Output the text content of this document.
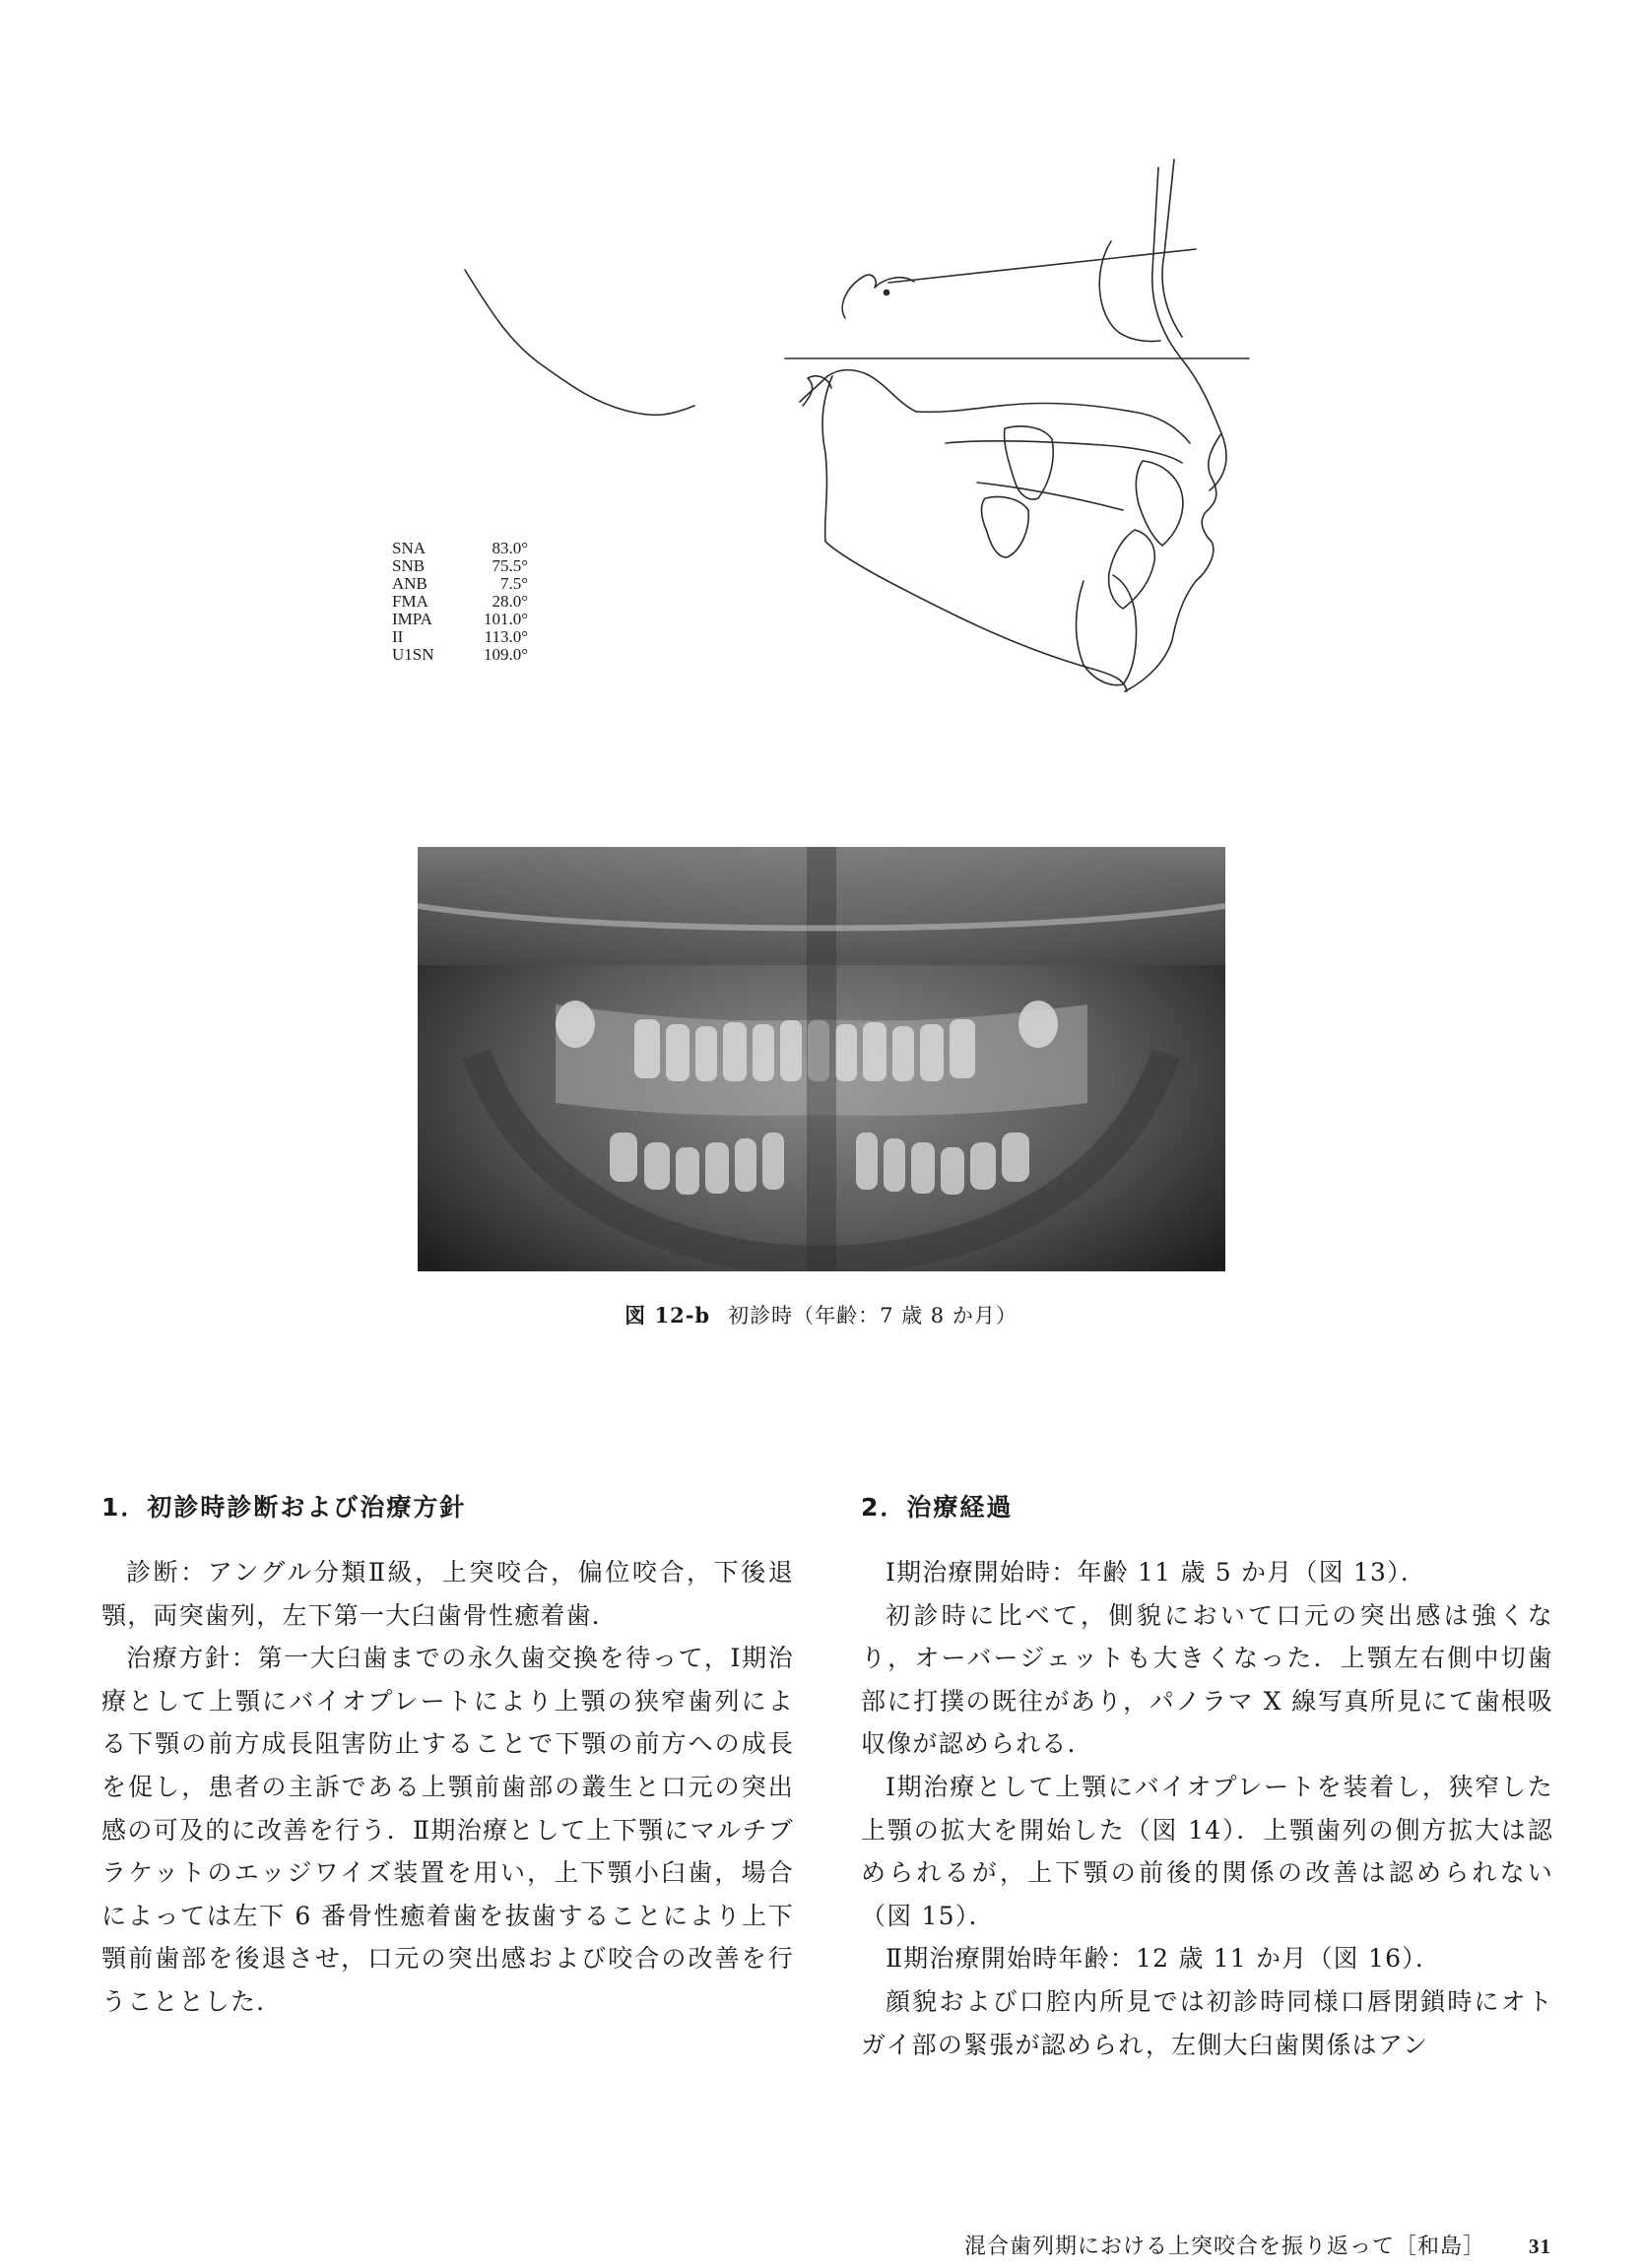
SNA	83.0°
SNB	75.5°
ANB	7.5°
FMA	28.0°
IMPA	101.0°
II	113.0°
U1SN	109.0°
図 12-b 初診時（年齢：7 歳 8 か月）
1．初診時診断および治療方針

診断：アングル分類Ⅱ級，上突咬合，偏位咬合，下後退顎，両突歯列，左下第一大臼歯骨性癒着歯．

治療方針：第一大臼歯までの永久歯交換を待って，Ⅰ期治療として上顎にバイオプレートにより上顎の狭窄歯列による下顎の前方成長阻害防止することで下顎の前方への成長を促し，患者の主訴である上顎前歯部の叢生と口元の突出感の可及的に改善を行う．Ⅱ期治療として上下顎にマルチブラケットのエッジワイズ装置を用い，上下顎小臼歯，場合によっては左下 6 番骨性癒着歯を抜歯することにより上下顎前歯部を後退させ，口元の突出感および咬合の改善を行うこととした．

2．治療経過

Ⅰ期治療開始時：年齢 11 歳 5 か月（図 13）．

初診時に比べて，側貌において口元の突出感は強くなり，オーバージェットも大きくなった．上顎左右側中切歯部に打撲の既往があり，パノラマ X 線写真所見にて歯根吸収像が認められる．

Ⅰ期治療として上顎にバイオプレートを装着し，狭窄した上顎の拡大を開始した（図 14）．上顎歯列の側方拡大は認められるが，上下顎の前後的関係の改善は認められない（図 15）．

Ⅱ期治療開始時年齢：12 歳 11 か月（図 16）．

顔貌および口腔内所見では初診時同様口唇閉鎖時にオトガイ部の緊張が認められ，左側大臼歯関係はアン

混合歯列期における上突咬合を振り返って［和島］ 31
